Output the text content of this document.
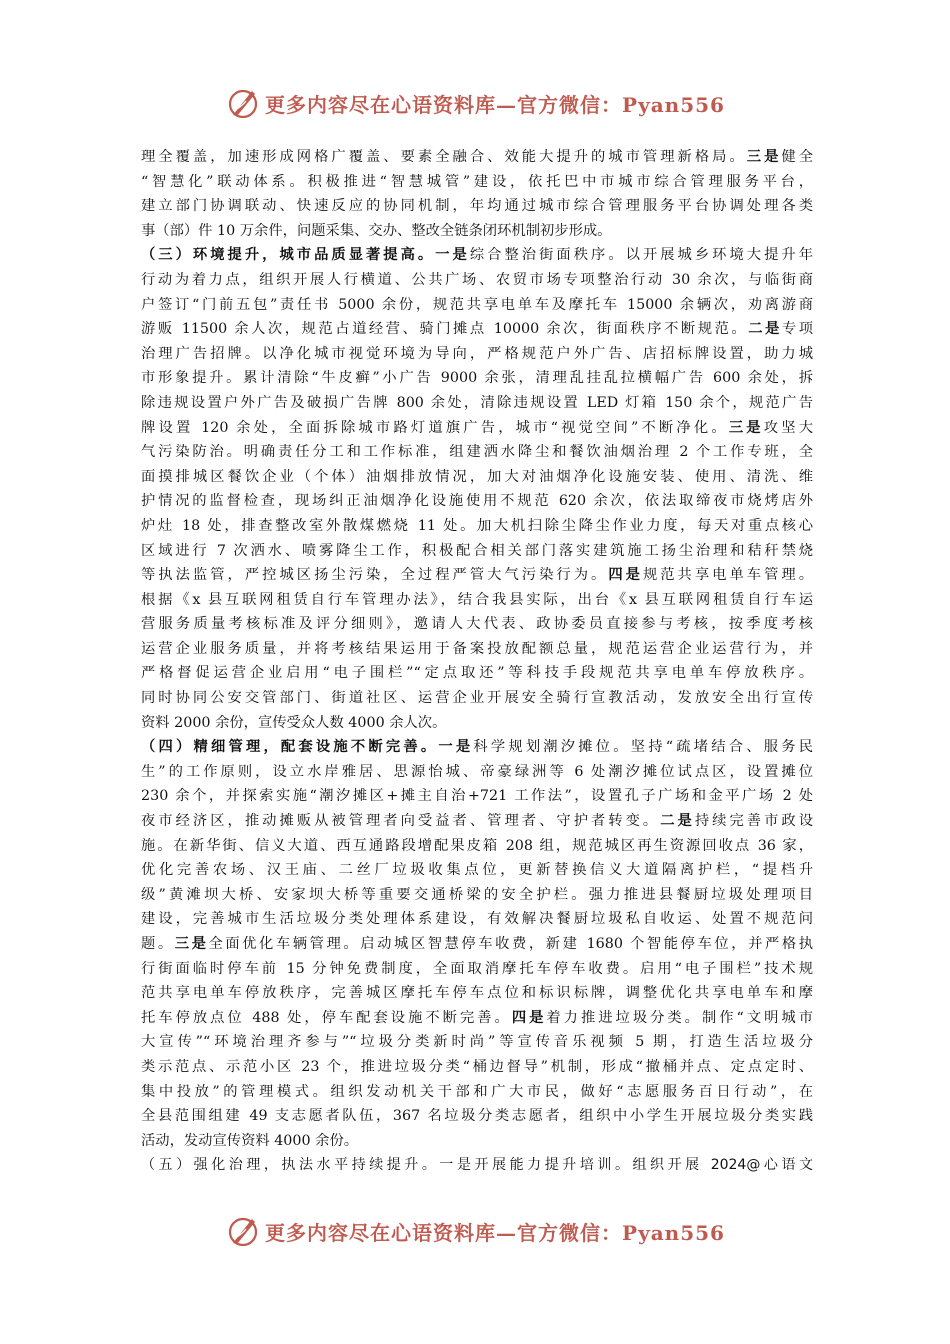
更多内容尽在心语资料库—官方微信：Pyan556
理全覆盖，加速形成网格广覆盖、要素全融合、效能大提升的城市管理新格局。三是健全
“智慧化”联动体系。积极推进“智慧城管”建设，依托巴中市城市综合管理服务平台，
建立部门协调联动、快速反应的协同机制，年均通过城市综合管理服务平台协调处理各类
事（部）件 10 万余件，问题采集、交办、整改全链条闭环机制初步形成。
（三）环境提升，城市品质显著提高。一是综合整治街面秩序。以开展城乡环境大提升年
行动为着力点，组织开展人行横道、公共广场、农贸市场专项整治行动 30 余次，与临街商
户签订“门前五包”责任书 5000 余份，规范共享电单车及摩托车 15000 余辆次，劝离游商
游贩 11500 余人次，规范占道经营、骑门摊点 10000 余次，街面秩序不断规范。二是专项
治理广告招牌。以净化城市视觉环境为导向，严格规范户外广告、店招标牌设置，助力城
市形象提升。累计清除“牛皮癣”小广告 9000 余张，清理乱挂乱拉横幅广告 600 余处，拆
除违规设置户外广告及破损广告牌 800 余处，清除违规设置 LED 灯箱 150 余个，规范广告
牌设置 120 余处，全面拆除城市路灯道旗广告，城市“视觉空间”不断净化。三是攻坚大
气污染防治。明确责任分工和工作标准，组建洒水降尘和餐饮油烟治理 2 个工作专班，全
面摸排城区餐饮企业（个体）油烟排放情况，加大对油烟净化设施安装、使用、清洗、维
护情况的监督检查，现场纠正油烟净化设施使用不规范 620 余次，依法取缔夜市烧烤店外
炉灶 18 处，排查整改室外散煤燃烧 11 处。加大机扫除尘降尘作业力度，每天对重点核心
区域进行 7 次洒水、喷雾降尘工作，积极配合相关部门落实建筑施工扬尘治理和秸秆禁烧
等执法监管，严控城区扬尘污染，全过程严管大气污染行为。四是规范共享电单车管理。
根据《x 县互联网租赁自行车管理办法》，结合我县实际，出台《x 县互联网租赁自行车运
营服务质量考核标准及评分细则》，邀请人大代表、政协委员直接参与考核，按季度考核
运营企业服务质量，并将考核结果运用于备案投放配额总量，规范运营企业运营行为，并
严格督促运营企业启用“电子围栏”“定点取还”等科技手段规范共享电单车停放秩序。
同时协同公安交管部门、街道社区、运营企业开展安全骑行宣教活动，发放安全出行宣传
资料 2000 余份，宣传受众人数 4000 余人次。
（四）精细管理，配套设施不断完善。一是科学规划潮汐摊位。坚持“疏堵结合、服务民
生”的工作原则，设立水岸雅居、思源怡城、帝豪绿洲等 6 处潮汐摊位试点区，设置摊位
230 余个，并探索实施“潮汐摊区+摊主自治+721 工作法”，设置孔子广场和金平广场 2 处
夜市经济区，推动摊贩从被管理者向受益者、管理者、守护者转变。二是持续完善市政设
施。在新华街、信义大道、西互通路段增配果皮箱 208 组，规范城区再生资源回收点 36 家，
优化完善农场、汉王庙、二丝厂垃圾收集点位，更新替换信义大道隔离护栏，“提档升
级”黄滩坝大桥、安家坝大桥等重要交通桥梁的安全护栏。强力推进县餐厨垃圾处理项目
建设，完善城市生活垃圾分类处理体系建设，有效解决餐厨垃圾私自收运、处置不规范问
题。三是全面优化车辆管理。启动城区智慧停车收费，新建 1680 个智能停车位，并严格执
行街面临时停车前 15 分钟免费制度，全面取消摩托车停车收费。启用“电子围栏”技术规
范共享电单车停放秩序，完善城区摩托车停车点位和标识标牌，调整优化共享电单车和摩
托车停放点位 488 处，停车配套设施不断完善。四是着力推进垃圾分类。制作“文明城市
大宣传”“环境治理齐参与”“垃圾分类新时尚”等宣传音乐视频 5 期，打造生活垃圾分
类示范点、示范小区 23 个，推进垃圾分类“桶边督导”机制，形成“撤桶并点、定点定时、
集中投放”的管理模式。组织发动机关干部和广大市民，做好“志愿服务百日行动”，在
全县范围组建 49 支志愿者队伍，367 名垃圾分类志愿者，组织中小学生开展垃圾分类实践
活动，发动宣传资料 4000 余份。
（五）强化治理，执法水平持续提升。一是开展能力提升培训。组织开展 2024@心语文
更多内容尽在心语资料库—官方微信：Pyan556
